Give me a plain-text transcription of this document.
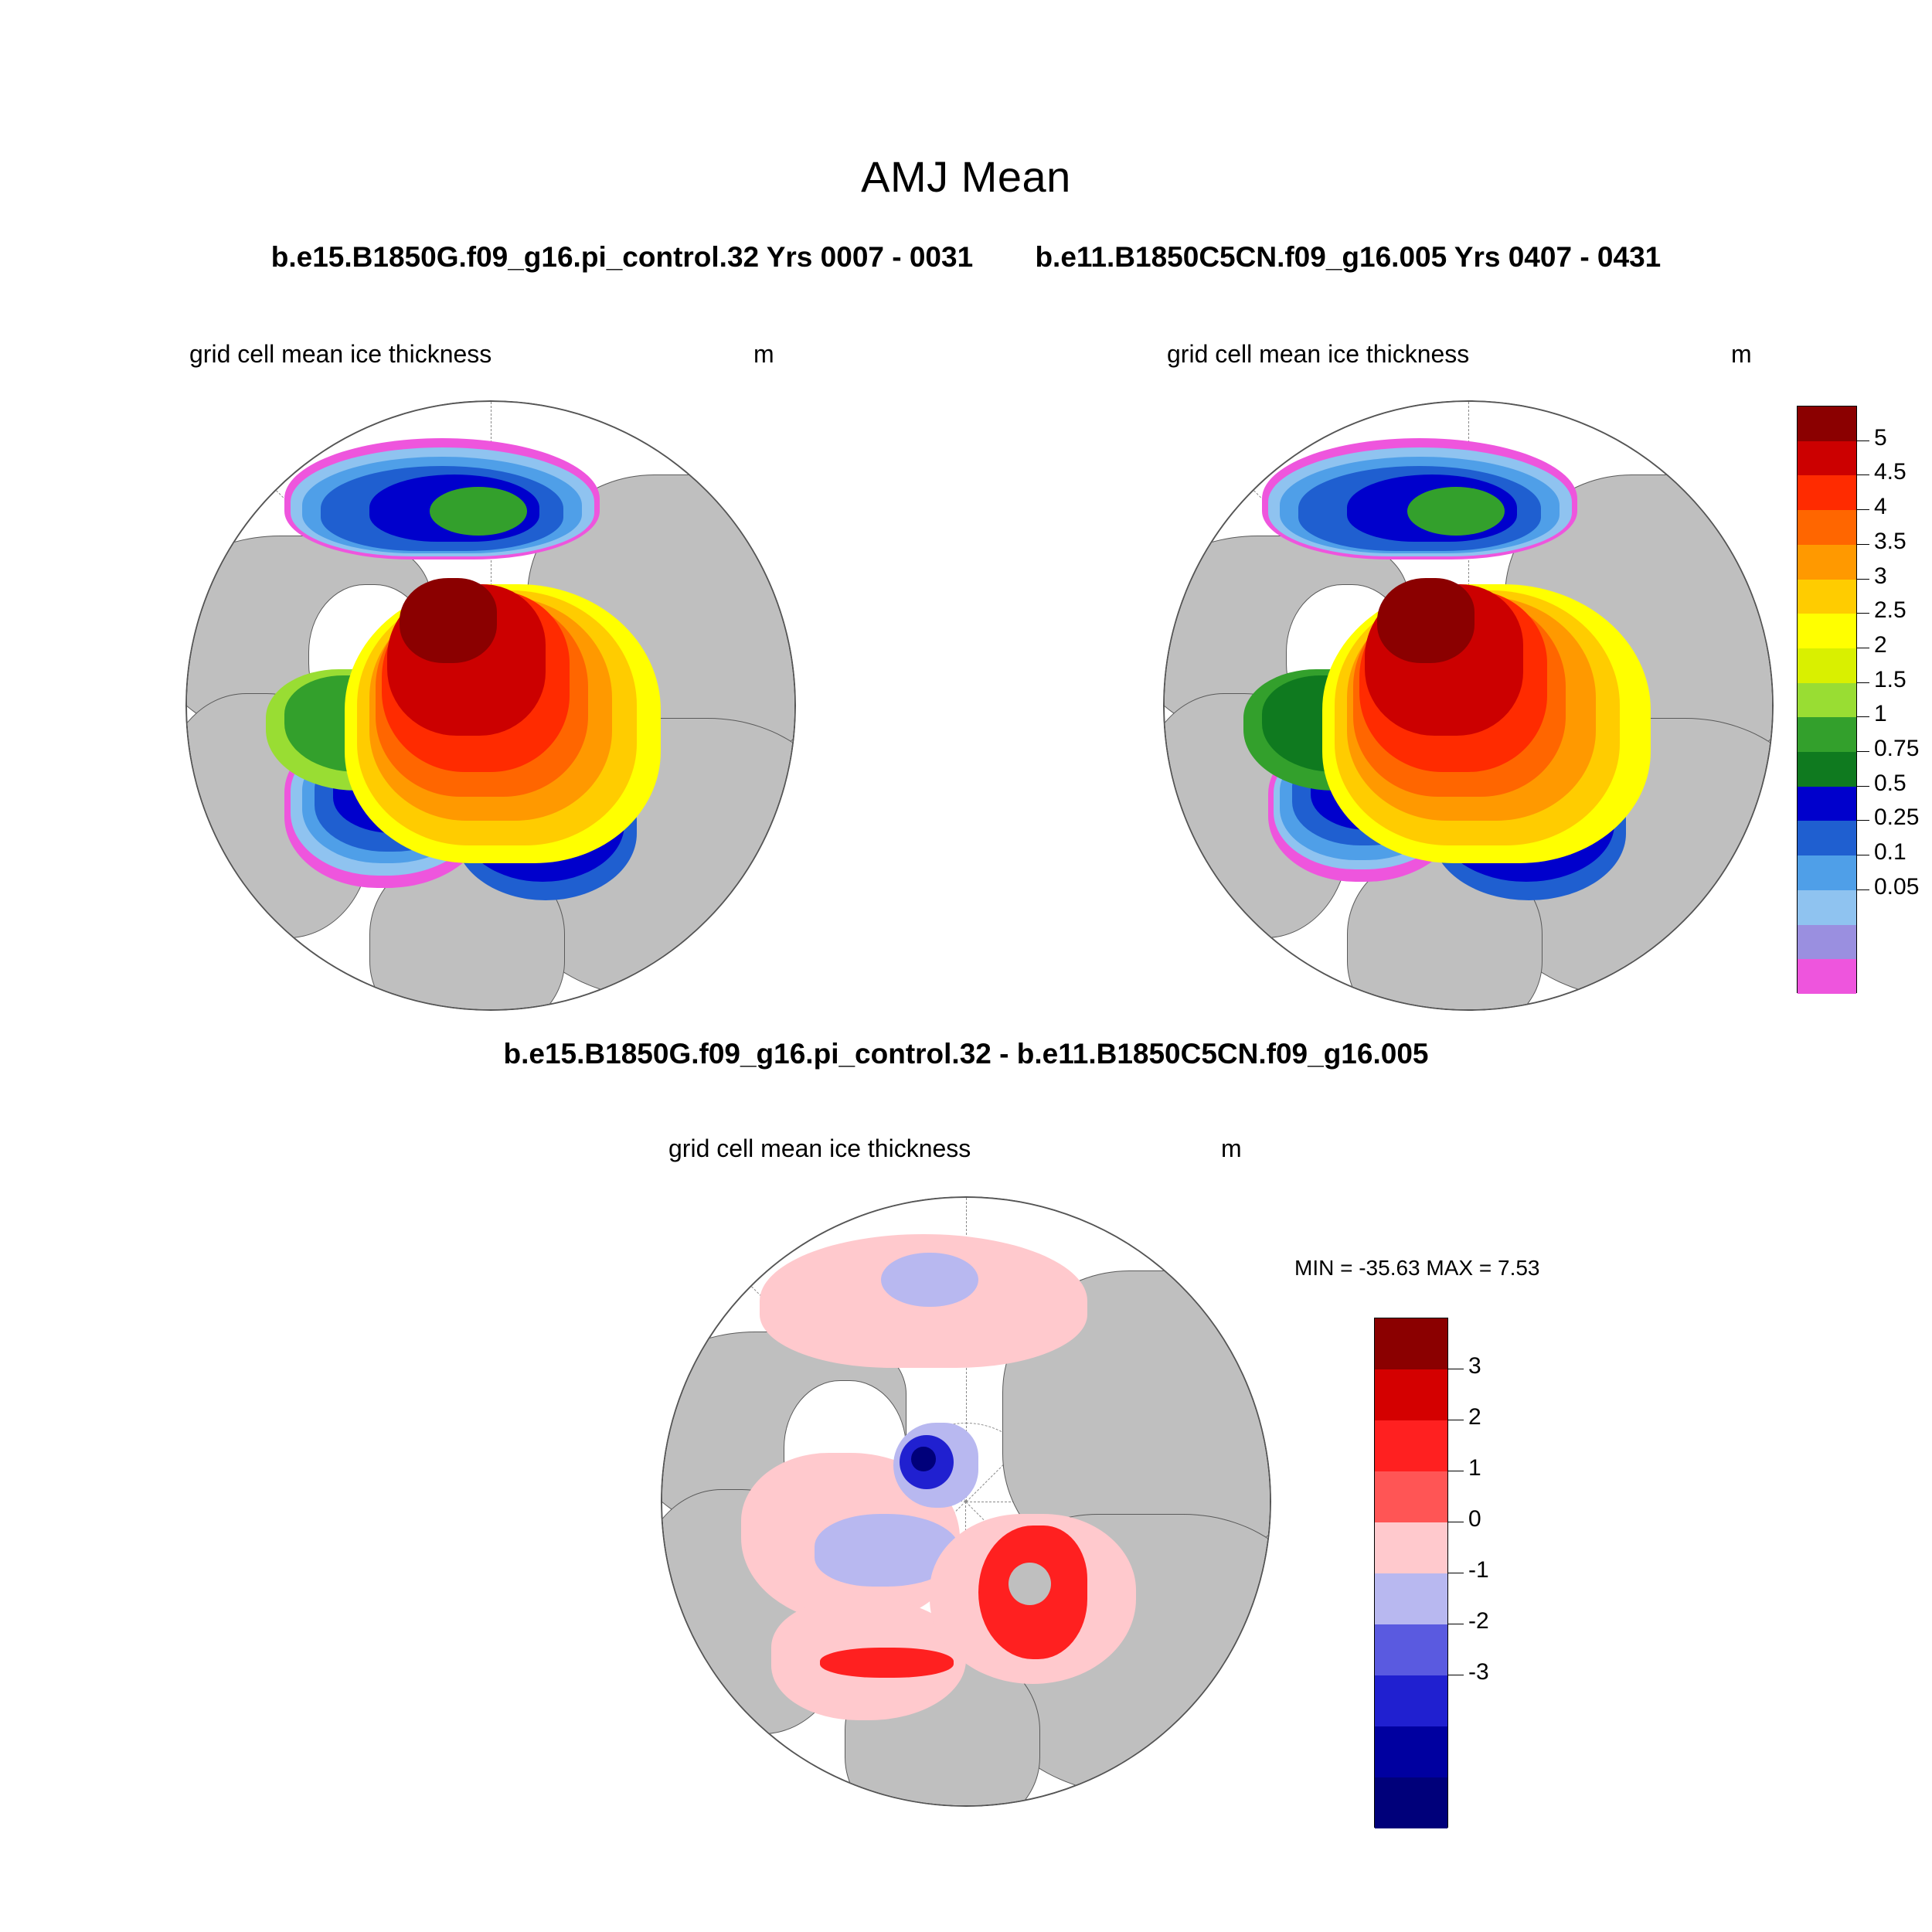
AMJ Mean
b.e15.B1850G.f09_g16.pi_control.32 Yrs 0007 - 0031 b.e11.B1850C5CN.f09_g16.005 Yrs 0407 - 0431
grid cell mean ice thickness	m	grid cell mean ice thickness	m
5
4.5
4
3.5
3
2.5
2
1.5
1
0.75
0.5
0.25
0.1
0.05
b.e15.B1850G.f09_g16.pi_control.32 - b.e11.B1850C5CN.f09_g16.005
grid cell mean ice thickness	m
MIN = -35.63 MAX = 7.53
3
2
1
0
-1
-2
-3
